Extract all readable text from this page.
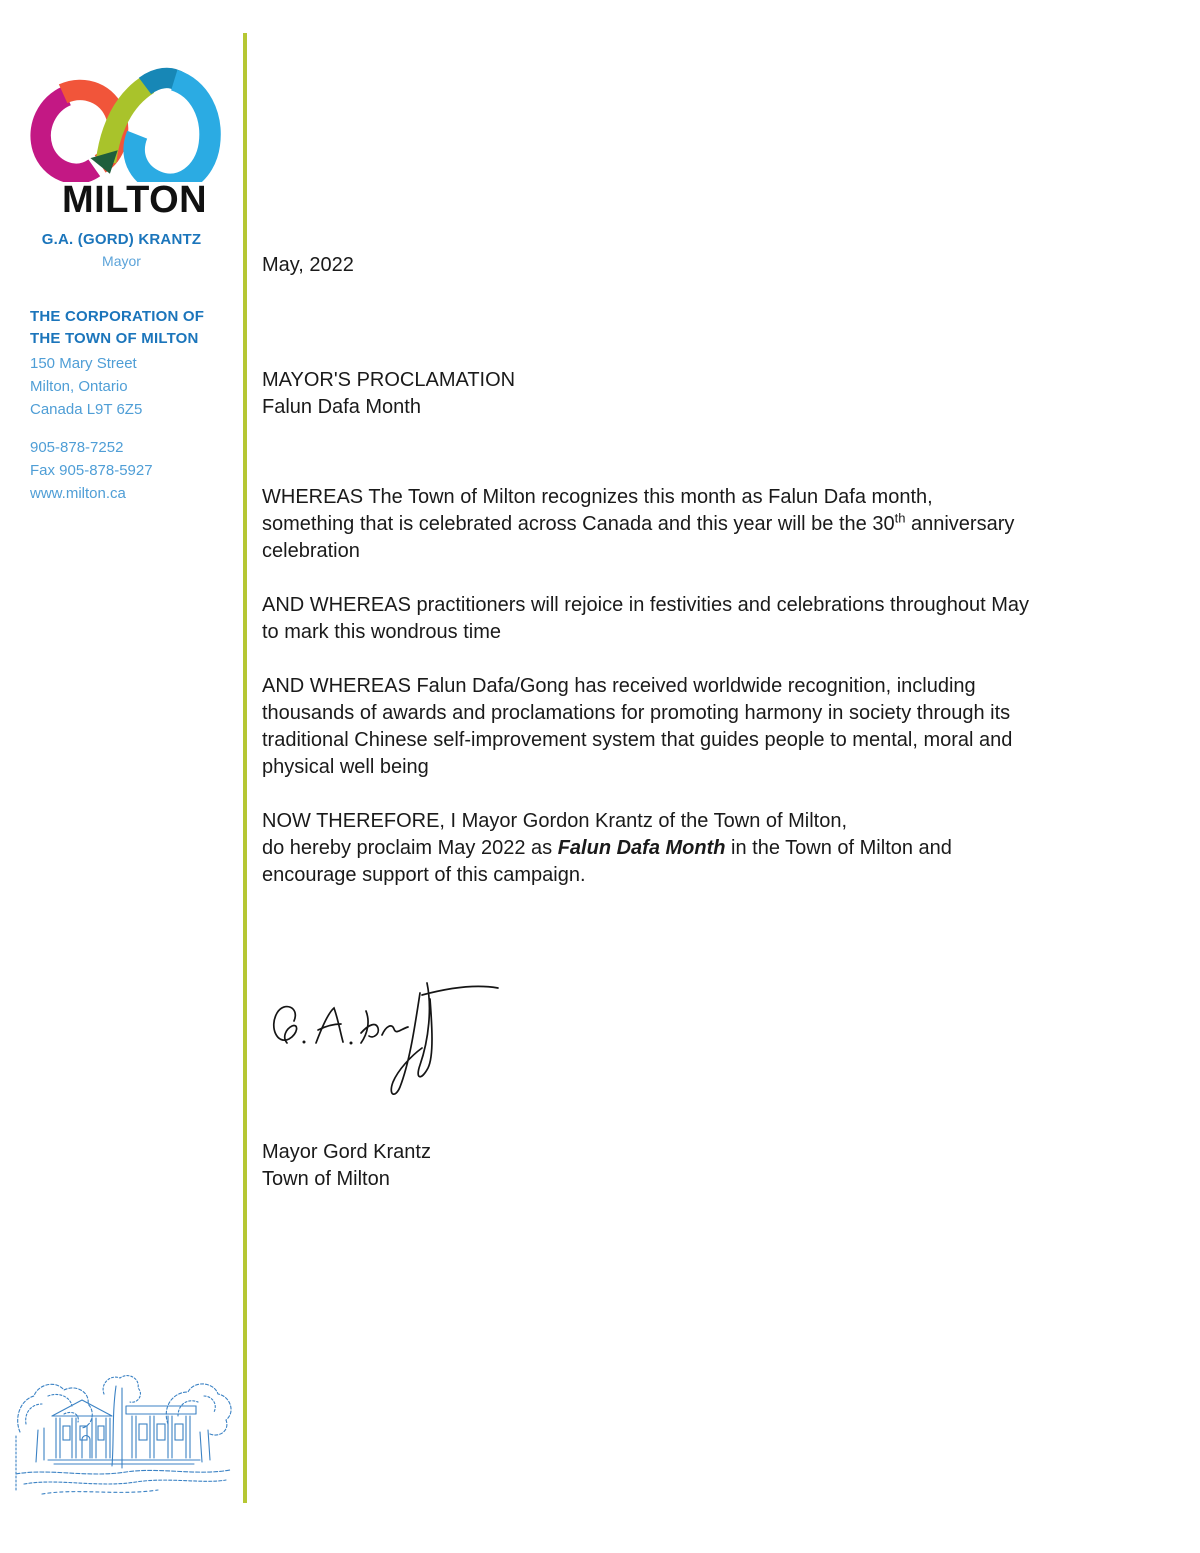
MILTON
G.A. (GORD) KRANTZ
Mayor
THE CORPORATION OF
THE TOWN OF MILTON
150 Mary Street
Milton, Ontario
Canada L9T 6Z5
905-878-7252
Fax 905-878-5927
www.milton.ca
May, 2022
MAYOR'S PROCLAMATION
Falun Dafa Month
WHEREAS The Town of Milton recognizes this month as Falun Dafa month,
something that is celebrated across Canada and this year will be the 30th anniversary
celebration
AND WHEREAS practitioners will rejoice in festivities and celebrations throughout May
to mark this wondrous time
AND WHEREAS Falun Dafa/Gong has received worldwide recognition, including
thousands of awards and proclamations for promoting harmony in society through its
traditional Chinese self-improvement system that guides people to mental, moral and
physical well being
NOW THEREFORE, I Mayor Gordon Krantz of the Town of Milton,
do hereby proclaim May 2022 as Falun Dafa Month in the Town of Milton and
encourage support of this campaign.
Mayor Gord Krantz
Town of Milton
